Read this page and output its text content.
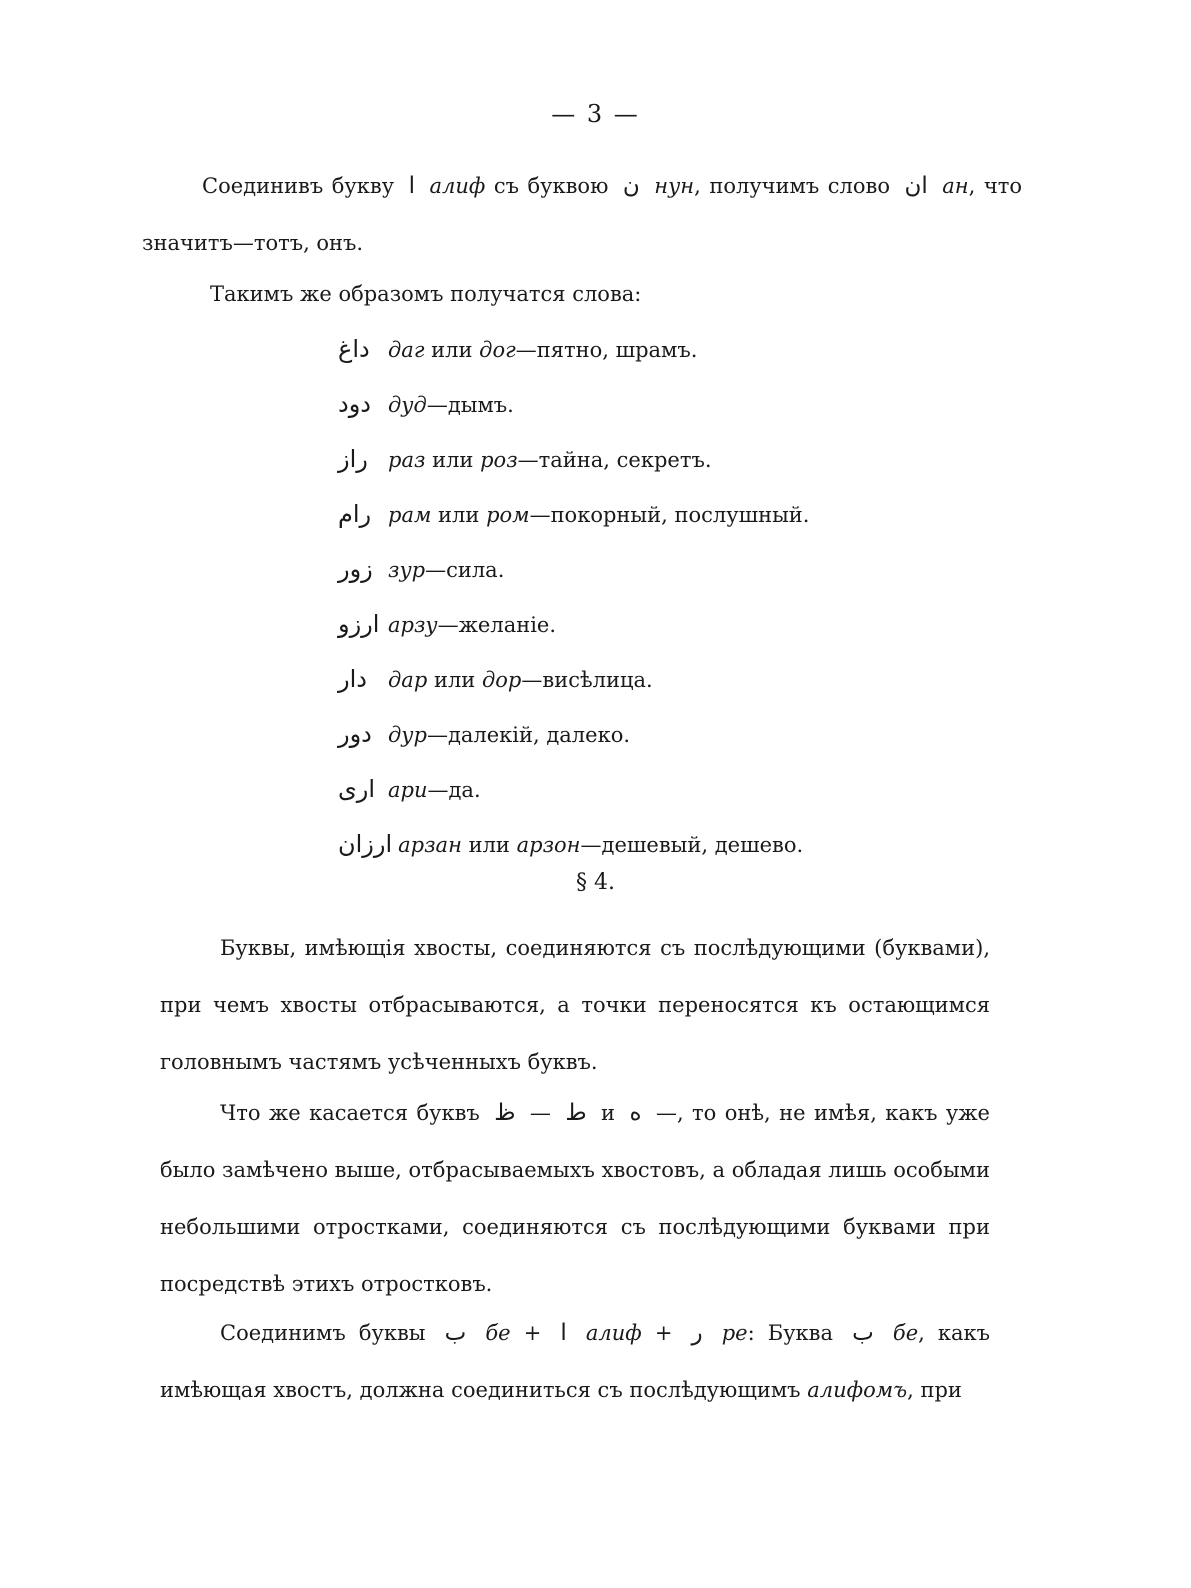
— 3 —
Соединивъ букву ا алиф съ буквою ن нун, получимъ слово ان ан, что значитъ—тотъ, онъ.
Такимъ же образомъ получатся слова:
داغ даг или дог—пятно, шрамъ.
دود дуд—дымъ.
راز раз или роз—тайна, секретъ.
رام рам или ром—покорный, послушный.
زور зур—сила.
ارزو арзу—желаніе.
دار дар или дор—висѣлица.
دور дур—далекій, далеко.
ارى ари—да.
ارزان арзан или арзон—дешевый, дешево.
§ 4.
Буквы, имѣющія хвосты, соединяются съ послѣдующими (буквами), при чемъ хвосты отбрасываются, а точки переносятся къ остающимся головнымъ частямъ усѣченныхъ буквъ.
Что же касается буквъ	ط — ظ	и ه —, то онѣ, не имѣя, какъ уже было замѣчено выше, отбрасываемыхъ хвостовъ, а обладая лишь особыми небольшими отростками, соединяются съ послѣдующими буквами при посредствѣ этихъ отростковъ.
Соединимъ буквы ب бе + ا алиф + ر ре: Буква ب бе, какъ имѣющая хвостъ, должна соединиться съ послѣдующимъ алифомъ, при
